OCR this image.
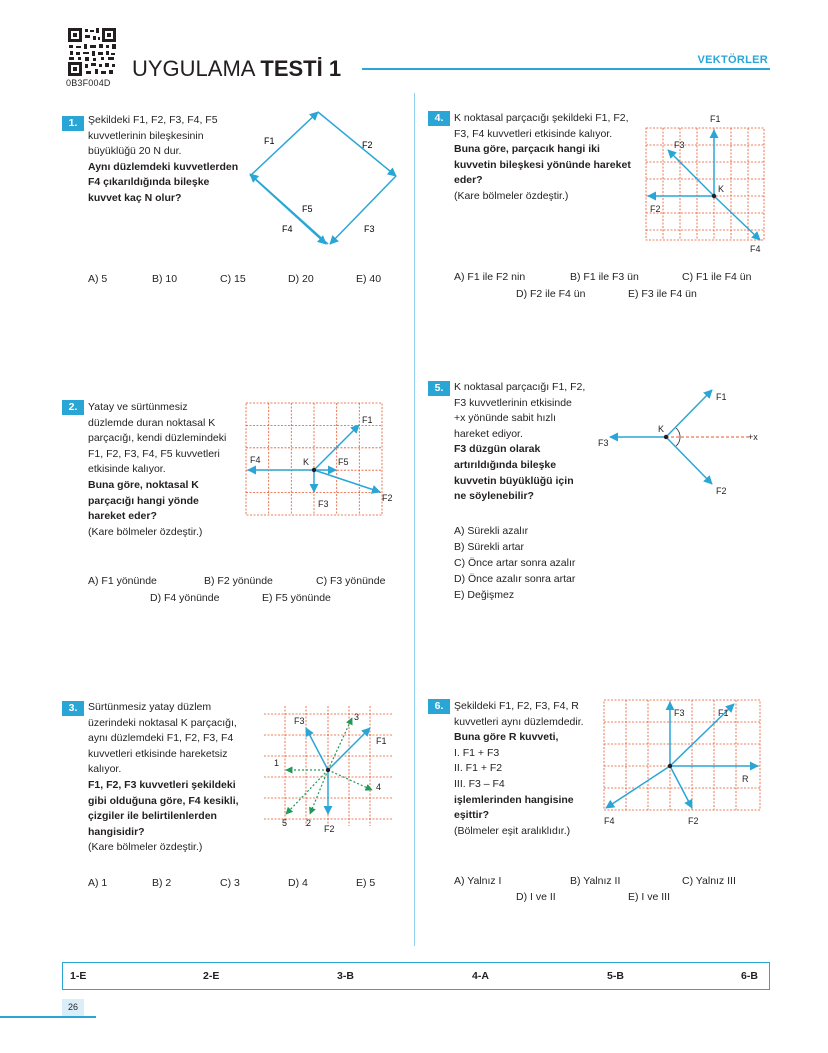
0B3F004D
UYGULAMA TESTİ 1	VEKTÖRLER
1.	Şekildeki F1, F2, F3, F4, F5 kuvvetlerinin bileşkesinin büyüklüğü 20 N dur.

Aynı düzlemdeki kuvvetlerden F4 çıkarıldığında bileşke kuvvet kaç N olur?

F1	F2
F3
F4
F5
A) 5	B) 10	C) 15	D) 20	E) 40
2.	Yatay ve sürtünmesiz düzlemde duran noktasal K parçacığı, kendi düzlemindeki F1, F2, F3, F4, F5 kuvvetleri etkisinde kalıyor.

Buna göre, noktasal K parçacığı hangi yönde hareket eder?

(Kare bölmeler özdeştir.)

F1
F2
F3
F4	F5
K
A) F1 yönünde	B) F2 yönünde	C) F3 yönünde
D) F4 yönünde	E) F5 yönünde
3.	Sürtünmesiz yatay düzlem üzerindeki noktasal K parçacığı, aynı düzlemdeki F1, F2, F3, F4 kuvvetleri etkisinde hareketsiz kalıyor.

F1, F2, F3 kuvvetleri şekildeki gibi olduğuna göre, F4 kesikli, çizgiler ile belirtilenlerden hangisidir?

(Kare bölmeler özdeştir.)

F3
F1
F2
1
2
3
4
5
A) 1	B) 2	C) 3	D) 4	E) 5
4.	K noktasal parçacığı şekildeki F1, F2, F3, F4 kuvvetleri etkisinde kalıyor.

Buna göre, parçacık hangi iki kuvvetin bileşkesi yönünde hareket eder?

(Kare bölmeler özdeştir.)

F1
F2
F3
F4
K
A) F1 ile F2 nin	B) F1 ile F3 ün	C) F1 ile F4 ün
D) F2 ile F4 ün	E) F3 ile F4 ün
5.	K noktasal parçacığı F1, F2, F3 kuvvetlerinin etkisinde +x yönünde sabit hızlı hareket ediyor.

F3 düzgün olarak artırıldığında bileşke kuvvetin büyüklüğü için ne söylenebilir?

F1
F2
F3
K
+x

A) Sürekli azalır

B) Sürekli artar

C) Önce artar sonra azalır

D) Önce azalır sonra artar

E) Değişmez

6.	Şekildeki F1, F2, F3, F4, R kuvvetleri aynı düzlemdedir.

Buna göre R kuvveti,

I. F1 + F3

II. F1 + F2

III. F3 – F4

işlemlerinden hangisine eşittir?

(Bölmeler eşit aralıklıdır.)

F3	F1
R
F4	F2
A) Yalnız I	B) Yalnız II	C) Yalnız III
D) I ve II	E) I ve III
1-E	2-E	3-B	4-A	5-B	6-B
26
